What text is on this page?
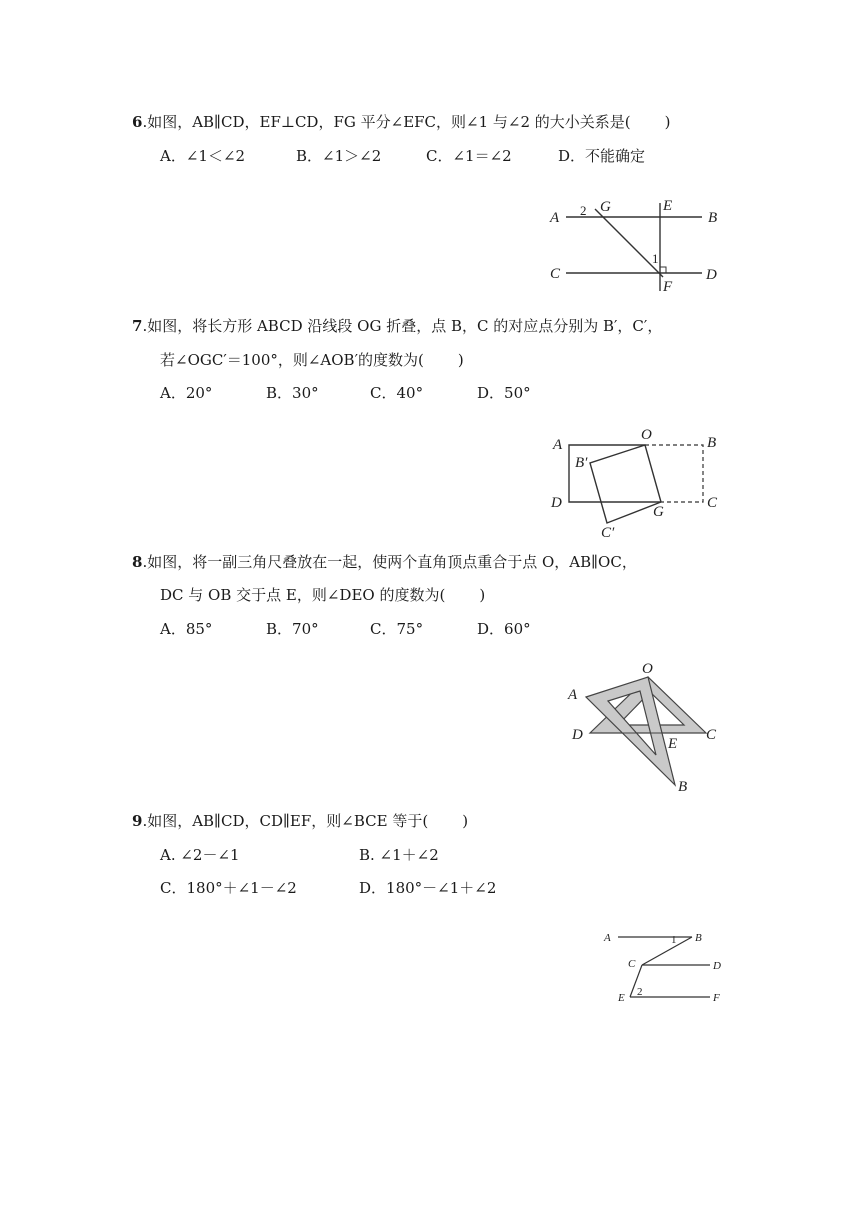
6.如图，AB∥CD，EF⊥CD，FG 平分∠EFC，则∠1 与∠2 的大小关系是( )
A．∠1＜∠2	B．∠1＞∠2	C．∠1＝∠2	D．不能确定
A	B
C	D
E
F
G
1
2
7.如图，将长方形 ABCD 沿线段 OG 折叠，点 B，C 的对应点分别为 B′，C′，
若∠OGC′＝100°，则∠AOB′的度数为( )
A．20°	B．30°	C．40°	D．50°
A
O	B
B′
D
G
C
C′
8.如图，将一副三角尺叠放在一起，使两个直角顶点重合于点 O，AB∥OC，
DC 与 OB 交于点 E，则∠DEO 的度数为( )
A．85°	B．70°	C．75°	D．60°
O
A
D
E
C
B
9.如图，AB∥CD，CD∥EF，则∠BCE 等于( )
A. ∠2－∠1	B. ∠1＋∠2
C．180°＋∠1－∠2	D．180°－∠1＋∠2
A	B
1
C	D
E 2	F
